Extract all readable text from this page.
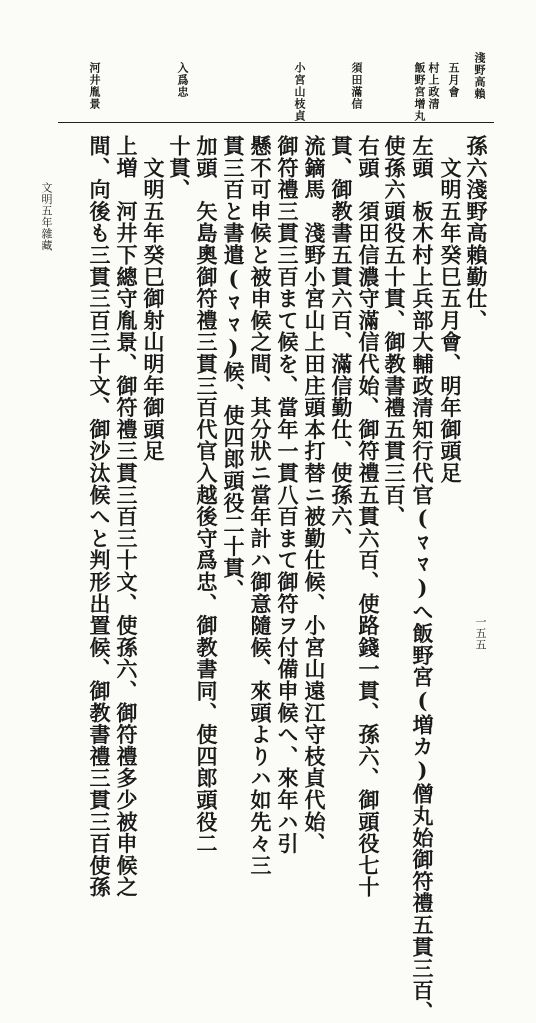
淺野高賴
五月會
村上政清
飯野宮增丸
須田滿信
小宮山枝貞
入爲忠
河井胤景
孫六淺野高賴勤仕、
　文明五年癸巳五月會、明年御頭足
左頭　板木村上兵部大輔政清知行代官(ﾏﾏ)へ飯野宮(増カ)僧丸始御符禮五貫三百、
使孫六頭役五十貫、御教書禮五貫三百、
右頭　須田信濃守滿信代始、御符禮五貫六百、使路錢一貫、孫六、御頭役七十
貫、御教書五貫六百、滿信勤仕、使孫六、
流鏑馬　淺野小宮山上田庄頭本打替ニ被勤仕候、小宮山遠江守枝貞代始、
御符禮三貫三百まて候を、當年一貫八百まて御符ヲ付備申候へ、來年ハ引
懸不可申候と被申候之間、其分狀ニ當年計ハ御意隨候、來頭よりハ如先々三
貫三百と書遣(ﾏﾏ)候、使四郎頭役二十貫、
加頭　矢島奧御符禮三貫三百代官入越後守爲忠、御教書同、使四郎頭役二
十貫、
　文明五年癸巳御射山明年御頭足
上増　河井下總守胤景、御符禮三貫三百三十文、使孫六、御符禮多少被申候之
間、向後も三貫三百三十文、御沙汰候へと判形出置候、御教書禮三貫三百使孫
文明五年雜藏
一五五
